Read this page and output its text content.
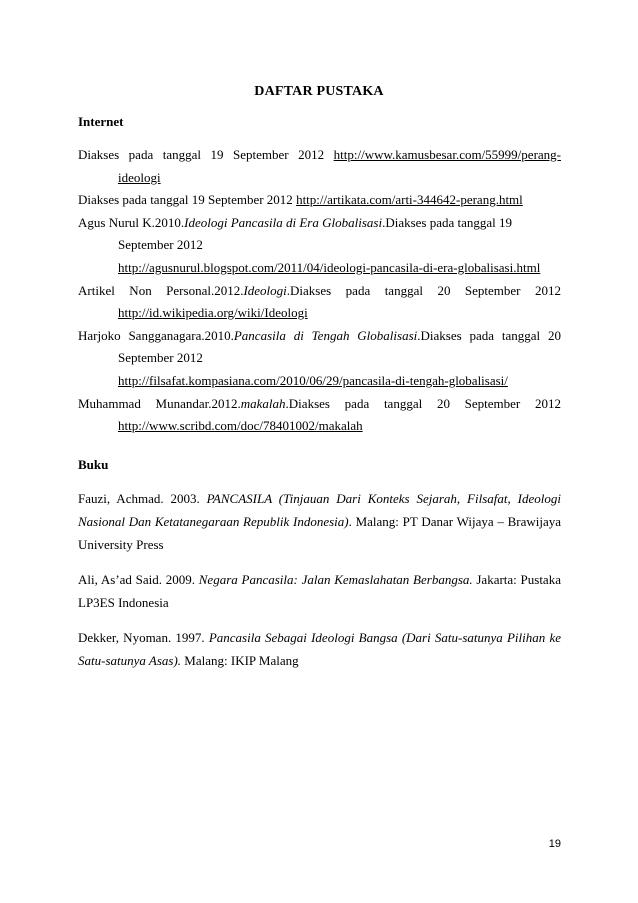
DAFTAR PUSTAKA
Internet
Diakses pada tanggal 19 September 2012 http://www.kamusbesar.com/55999/perang-
ideologi
Diakses pada tanggal 19 September 2012 http://artikata.com/arti-344642-perang.html
Agus Nurul K.2010.Ideologi Pancasila di Era Globalisasi.Diakses pada tanggal 19
September 2012
http://agusnurul.blogspot.com/2011/04/ideologi-pancasila-di-era-globalisasi.html
Artikel    Non    Personal.2012.Ideologi.Diakses    pada    tanggal    20    September    2012
http://id.wikipedia.org/wiki/Ideologi
Harjoko Sangganagara.2010.Pancasila di Tengah Globalisasi.Diakses pada tanggal 20
September 2012
http://filsafat.kompasiana.com/2010/06/29/pancasila-di-tengah-globalisasi/
Muhammad    Munandar.2012.makalah.Diakses    pada    tanggal    20    September    2012
http://www.scribd.com/doc/78401002/makalah
Buku
Fauzi, Achmad. 2003. PANCASILA (Tinjauan Dari Konteks Sejarah, Filsafat, Ideologi Nasional Dan Ketatanegaraan Republik Indonesia). Malang: PT Danar Wijaya – Brawijaya University Press
Ali, As’ad Said. 2009. Negara Pancasila: Jalan Kemaslahatan Berbangsa. Jakarta: Pustaka LP3ES Indonesia
Dekker, Nyoman. 1997. Pancasila Sebagai Ideologi Bangsa (Dari Satu-satunya Pilihan ke Satu-satunya Asas). Malang: IKIP Malang
19
